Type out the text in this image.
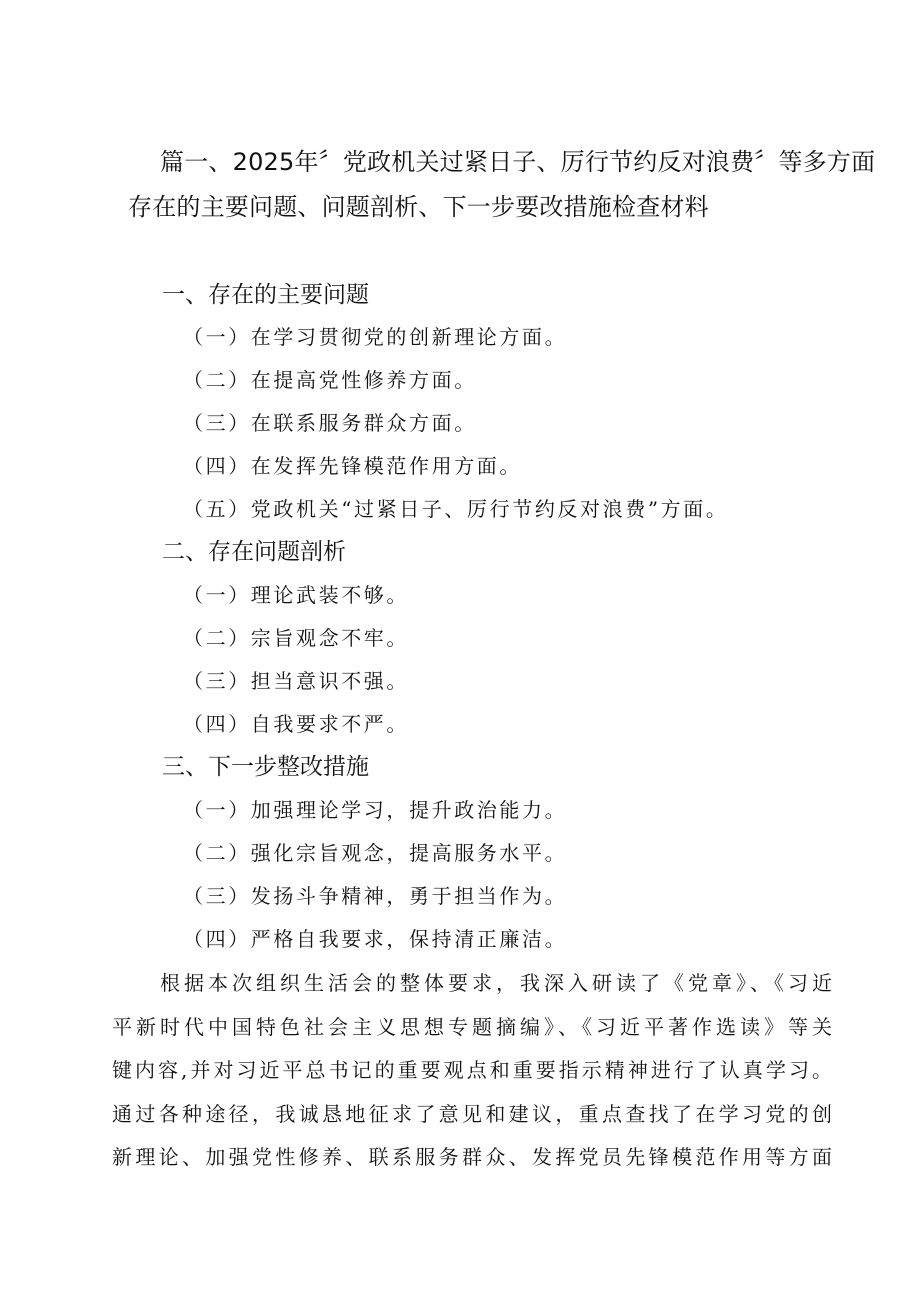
篇一、2025年〞党政机关过紧日子、厉行节约反对浪费〞等多方面
存在的主要问题、问题剖析、下一步要改措施检查材料
一、存在的主要问题
（一）在学习贯彻党的创新理论方面。
（二）在提高党性修养方面。
（三）在联系服务群众方面。
（四）在发挥先锋模范作用方面。
（五）党政机关“过紧日子、厉行节约反对浪费”方面。
二、存在问题剖析
（一）理论武装不够。
（二）宗旨观念不牢。
（三）担当意识不强。
（四）自我要求不严。
三、下一步整改措施
（一）加强理论学习，提升政治能力。
（二）强化宗旨观念，提高服务水平。
（三）发扬斗争精神，勇于担当作为。
（四）严格自我要求，保持清正廉洁。
根据本次组织生活会的整体要求，我深入研读了《党章》、《习近
平新时代中国特色社会主义思想专题摘编》、《习近平著作选读》等关
键内容,并对习近平总书记的重要观点和重要指示精神进行了认真学习。
通过各种途径，我诚恳地征求了意见和建议，重点查找了在学习党的创
新理论、加强党性修养、联系服务群众、发挥党员先锋模范作用等方面
